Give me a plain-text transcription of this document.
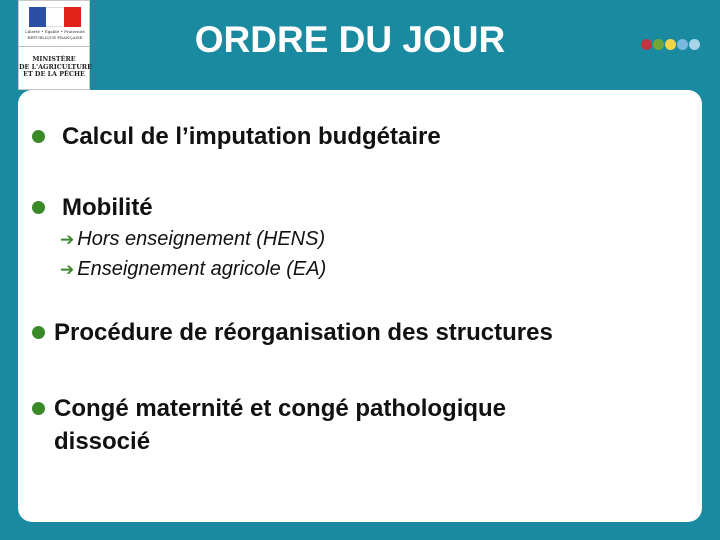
Liberté • Égalité • Fraternité
RÉPUBLIQUE FRANÇAISE
MINISTÈRE
DE L'AGRICULTURE
ET DE LA PÊCHE
ORDRE DU JOUR
Calcul de l’imputation budgétaire
Mobilité
➔ Hors enseignement (HENS)
➔ Enseignement agricole (EA)
Procédure de réorganisation des structures
Congé maternité et congé pathologique
dissocié
